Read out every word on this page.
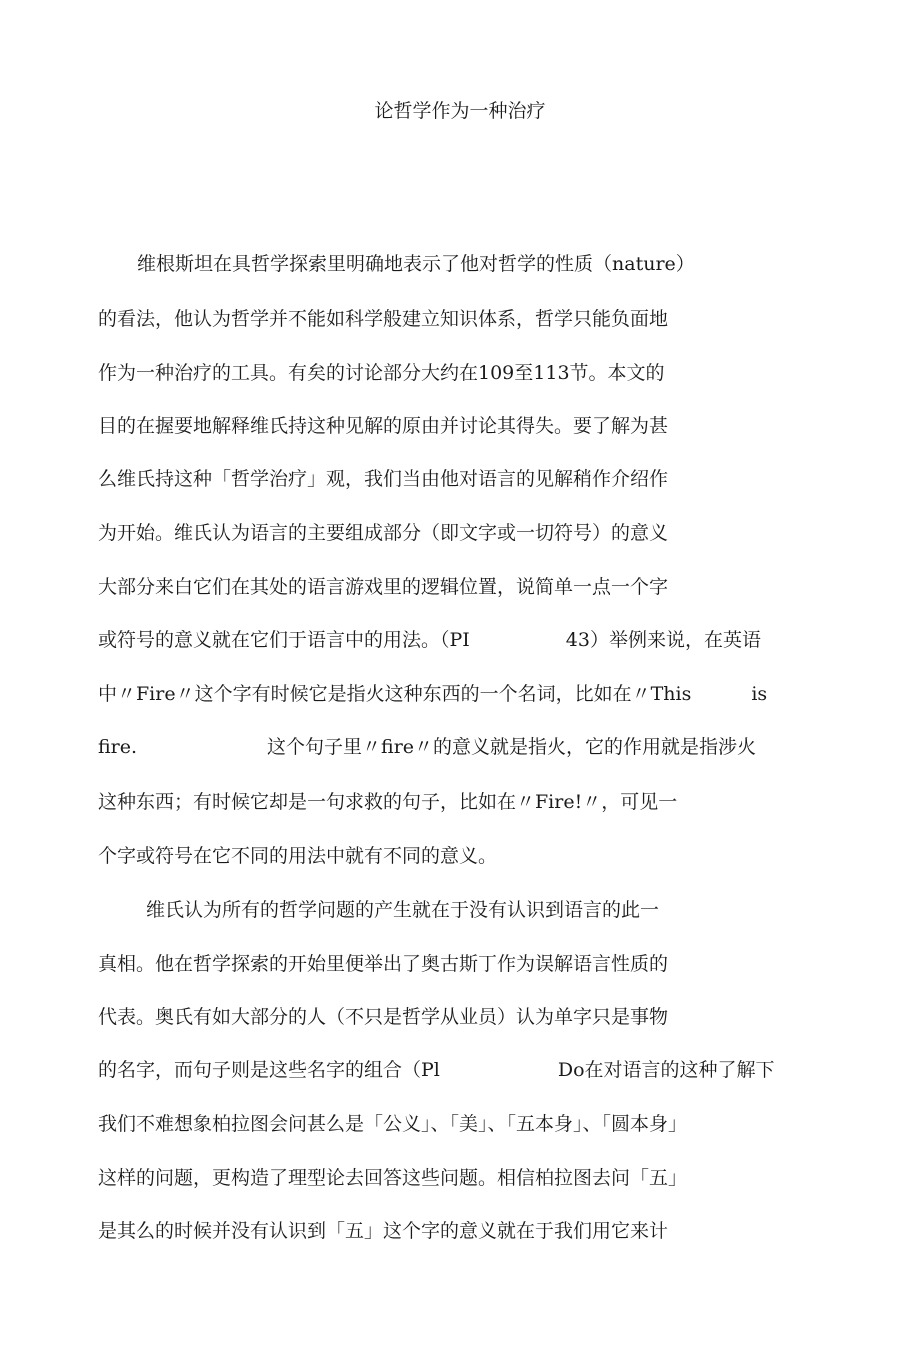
论哲学作为一种治疗
维根斯坦在具哲学探索里明确地表示了他对哲学的性质（nature）
的看法，他认为哲学并不能如科学般建立知识体系，哲学只能负面地
作为一种治疗的工具。有矣的讨论部分大约在109至113节。本文的
目的在握要地解释维氏持这种见解的原由并讨论其得失。要了解为甚
么维氏持这种「哲学治疗」观，我们当由他对语言的见解稍作介绍作
为开始。维氏认为语言的主要组成部分（即文字或一切符号）的意义
大部分来白它们在其处的语言游戏里的逻辑位置，说简单一点一个字
或符号的意义就在它们于语言中的用法。（PI	43）举例来说，在英语
中〃Fire〃这个字有时候它是指火这种东西的一个名词，比如在〃This	is
fire.	这个句子里〃fire〃的意义就是指火，它的作用就是指涉火
这种东西；有时候它却是一句求救的句子，比如在〃Fire!〃，可见一
个字或符号在它不同的用法中就有不同的意义。
维氏认为所有的哲学问题的产生就在于没有认识到语言的此一
真相。他在哲学探索的开始里便举出了奥古斯丁作为误解语言性质的
代表。奥氏有如大部分的人（不只是哲学从业员）认为单字只是事物
的名字，而句子则是这些名字的组合（Pl	Do在对语言的这种了解下
我们不难想象柏拉图会问甚么是「公义」、「美」、「五本身」、「圆本身」
这样的问题，更构造了理型论去回答这些问题。相信柏拉图去问「五」
是其么的时候并没有认识到「五」这个字的意义就在于我们用它来计
